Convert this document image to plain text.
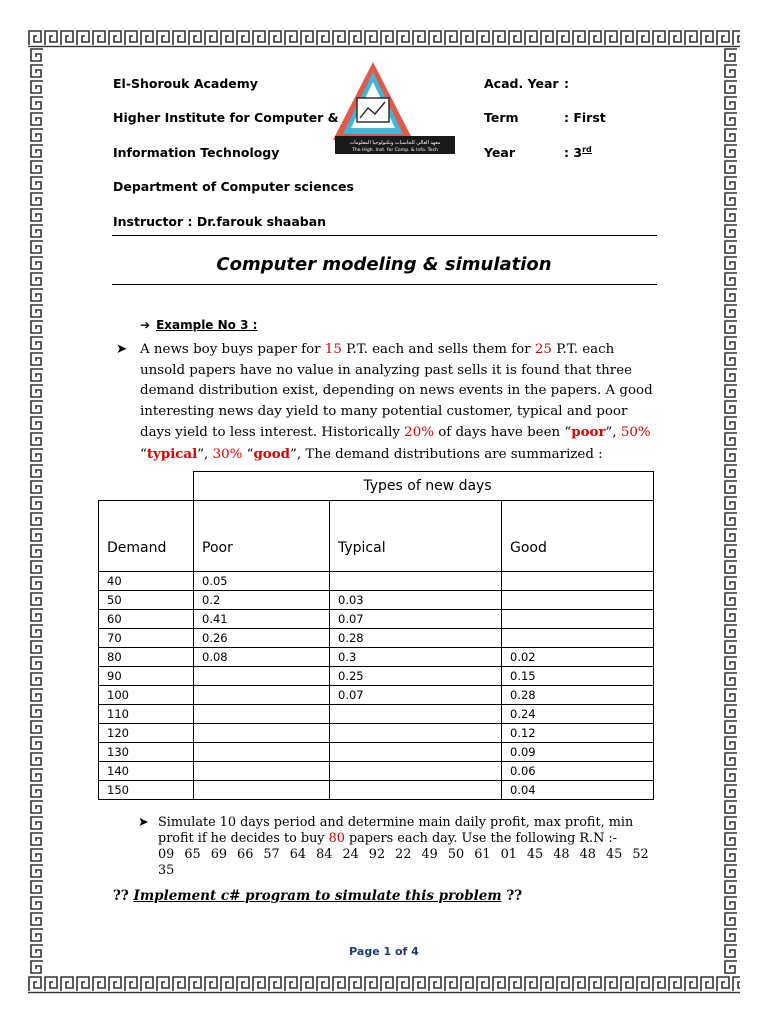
El-Shorouk Academy
Higher Institute for Computer &
Information Technology
Department of Computer sciences
Instructor : Dr.farouk shaaban
Acad. Year :
Term	: First
Year	: 3rd
معهد العالي للحاسبات وتكنولوجيا المعلومات
The High. Inst. for Comp. & Info. Tech
Computer modeling & simulation
➔ Example No 3 :
➤ A news boy buys paper for 15 P.T. each and sells them for 25 P.T. each unsold papers have no value in analyzing past sells it is found that three demand distribution exist, depending on news events in the papers. A good interesting news day yield to many potential customer, typical and poor days yield to less interest. Historically 20% of days have been “poor”, 50% “typical”, 30% “good”, The demand distributions are summarized :
	Types of new days		
Demand	Poor	Typical	Good
40	0.05		
50	0.2	0.03	
60	0.41	0.07	
70	0.26	0.28	
80	0.08	0.3	0.02
90		0.25	0.15
100		0.07	0.28
110			0.24
120			0.12
130			0.09
140			0.06
150			0.04
➤ Simulate 10 days period and determine main daily profit, max profit, min profit if he decides to buy 80 papers each day. Use the following R.N :-
09 65 69 66 57 64 84 24 92 22 49 50 61 01 45 48 48 45 52
35
?? Implement c# program to simulate this problem ??
Page 1 of 4
